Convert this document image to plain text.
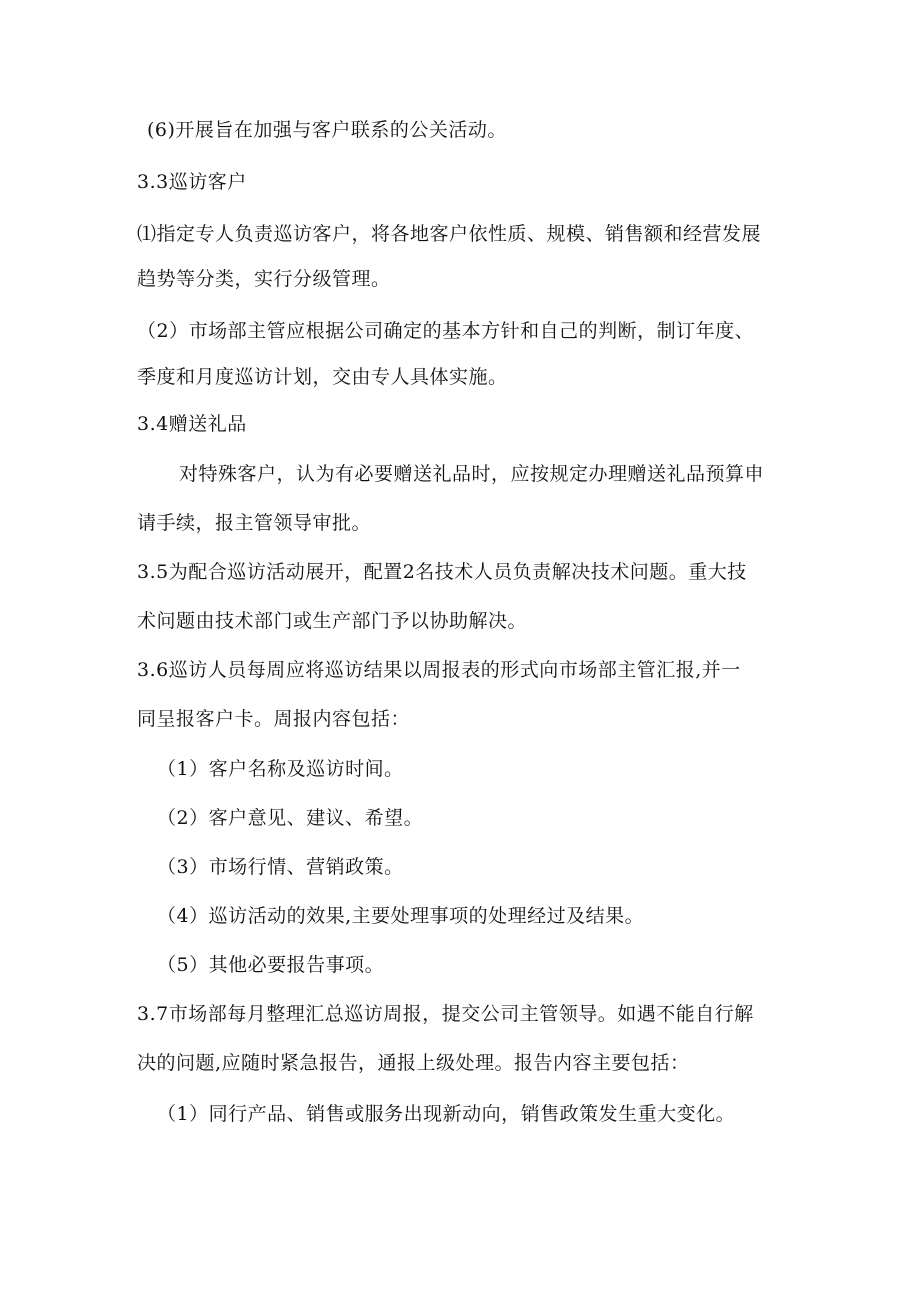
(6)开展旨在加强与客户联系的公关活动。
3.3巡访客户
⑴指定专人负责巡访客户，将各地客户依性质、规模、销售额和经营发展
趋势等分类，实行分级管理。
（2）市场部主管应根据公司确定的基本方针和自己的判断，制订年度、
季度和月度巡访计划，交由专人具体实施。
3.4赠送礼品
对特殊客户，认为有必要赠送礼品时，应按规定办理赠送礼品预算申
请手续，报主管领导审批。
3.5为配合巡访活动展开，配置2名技术人员负责解决技术问题。重大技
术问题由技术部门或生产部门予以协助解决。
3.6巡访人员每周应将巡访结果以周报表的形式向市场部主管汇报,并一
同呈报客户卡。周报内容包括：
（1）客户名称及巡访时间。
（2）客户意见、建议、希望。
（3）市场行情、营销政策。
（4）巡访活动的效果,主要处理事项的处理经过及结果。
（5）其他必要报告事项。
3.7市场部每月整理汇总巡访周报，提交公司主管领导。如遇不能自行解
决的问题,应随时紧急报告，通报上级处理。报告内容主要包括：
（1）同行产品、销售或服务出现新动向，销售政策发生重大变化。
